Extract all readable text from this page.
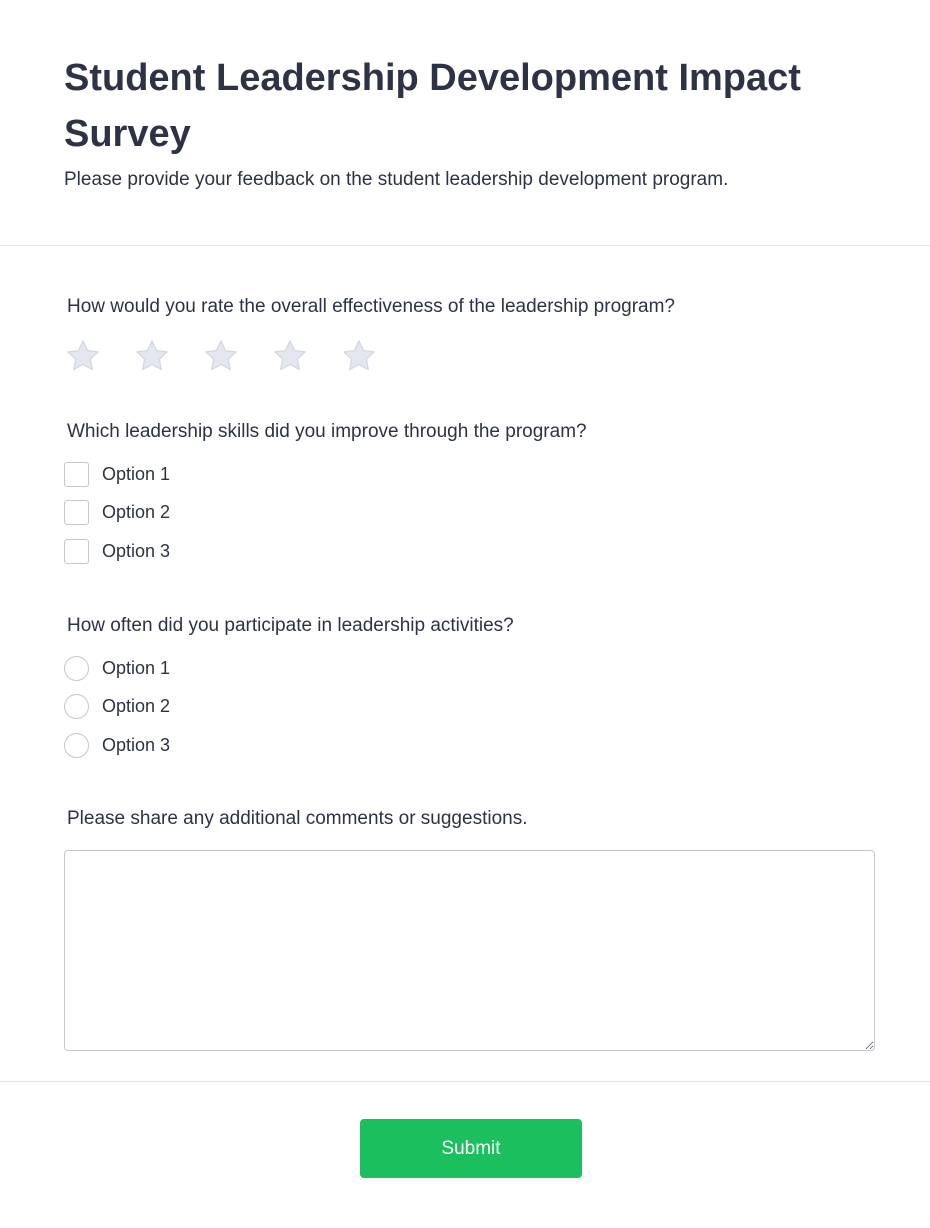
Student Leadership Development Impact Survey
Please provide your feedback on the student leadership development program.
How would you rate the overall effectiveness of the leadership program?
Which leadership skills did you improve through the program?
Option 1
Option 2
Option 3
How often did you participate in leadership activities?
Option 1
Option 2
Option 3
Please share any additional comments or suggestions.
Submit
